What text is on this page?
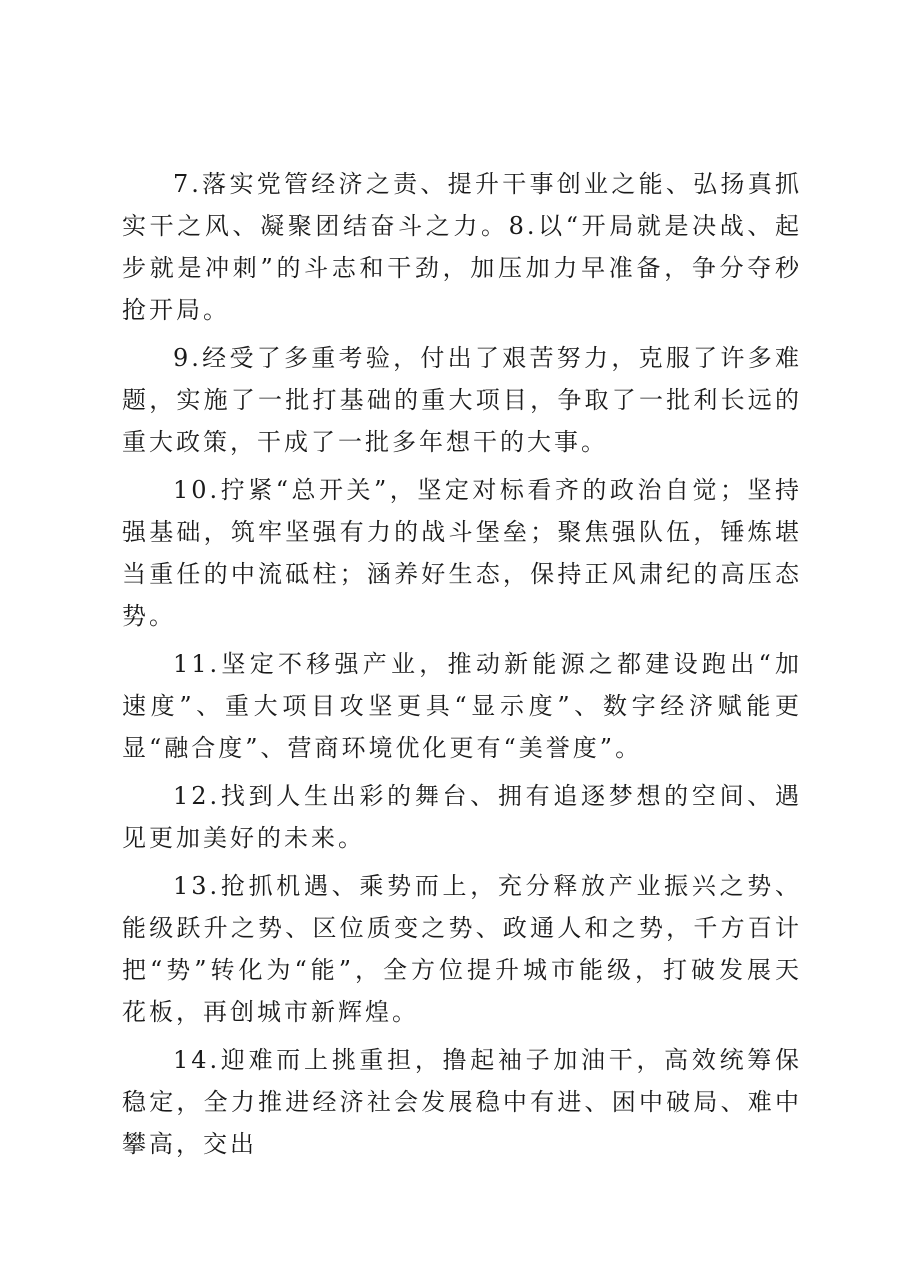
7.落实党管经济之责、提升干事创业之能、弘扬真抓实干之风、凝聚团结奋斗之力。8.以“开局就是决战、起步就是冲刺”的斗志和干劲，加压加力早准备，争分夺秒抢开局。

9.经受了多重考验，付出了艰苦努力，克服了许多难题，实施了一批打基础的重大项目，争取了一批利长远的重大政策，干成了一批多年想干的大事。

10.拧紧“总开关”，坚定对标看齐的政治自觉；坚持强基础，筑牢坚强有力的战斗堡垒；聚焦强队伍，锤炼堪当重任的中流砥柱；涵养好生态，保持正风肃纪的高压态势。

11.坚定不移强产业，推动新能源之都建设跑出“加速度”、重大项目攻坚更具“显示度”、数字经济赋能更显“融合度”、营商环境优化更有“美誉度”。

12.找到人生出彩的舞台、拥有追逐梦想的空间、遇见更加美好的未来。

13.抢抓机遇、乘势而上，充分释放产业振兴之势、能级跃升之势、区位质变之势、政通人和之势，千方百计把“势”转化为“能”，全方位提升城市能级，打破发展天花板，再创城市新辉煌。

14.迎难而上挑重担，撸起袖子加油干，高效统筹保稳定，全力推进经济社会发展稳中有进、困中破局、难中攀高，交出
